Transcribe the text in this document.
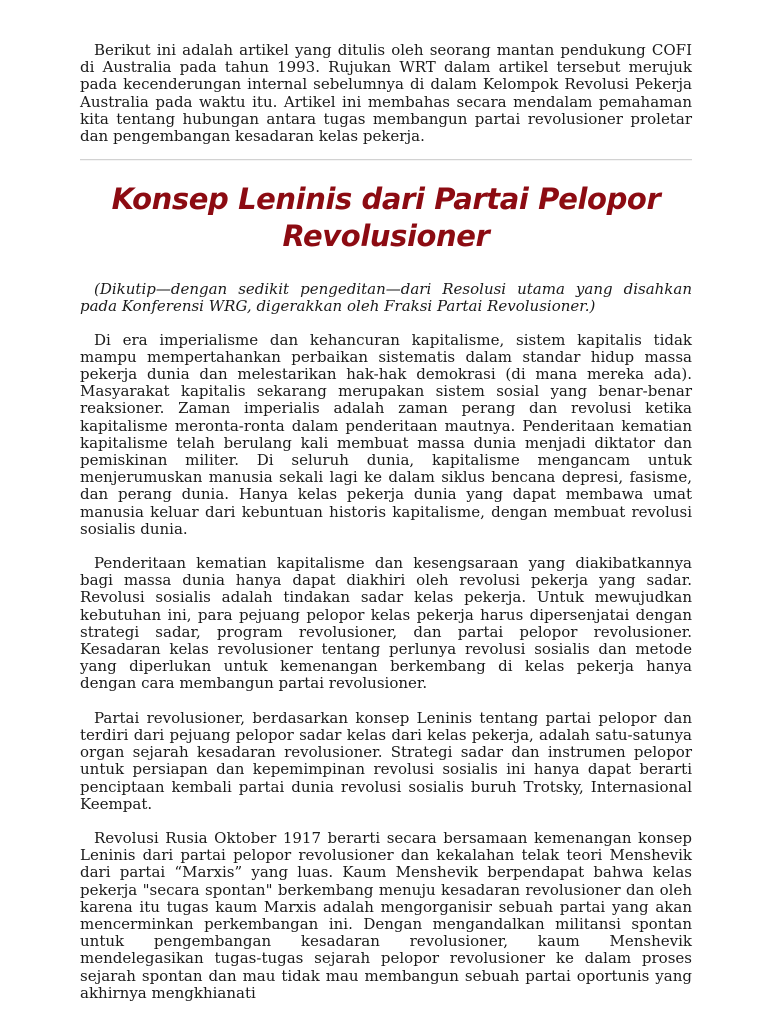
Berikut ini adalah artikel yang ditulis oleh seorang mantan pendukung COFI di Australia pada tahun 1993. Rujukan WRT dalam artikel tersebut merujuk pada kecenderungan internal sebelumnya di dalam Kelompok Revolusi Pekerja Australia pada waktu itu. Artikel ini membahas secara mendalam pemahaman kita tentang hubungan antara tugas membangun partai revolusioner proletar dan pengembangan kesadaran kelas pekerja.

Konsep Leninis dari Partai Pelopor
Revolusioner

(Dikutip—dengan sedikit pengeditan—dari Resolusi utama yang disahkan pada Konferensi WRG, digerakkan oleh Fraksi Partai Revolusioner.)

Di era imperialisme dan kehancuran kapitalisme, sistem kapitalis tidak mampu mempertahankan perbaikan sistematis dalam standar hidup massa pekerja dunia dan melestarikan hak-hak demokrasi (di mana mereka ada). Masyarakat kapitalis sekarang merupakan sistem sosial yang benar-benar reaksioner. Zaman imperialis adalah zaman perang dan revolusi ketika kapitalisme meronta-ronta dalam penderitaan mautnya. Penderitaan kematian kapitalisme telah berulang kali membuat massa dunia menjadi diktator dan pemiskinan militer. Di seluruh dunia, kapitalisme mengancam untuk menjerumuskan manusia sekali lagi ke dalam siklus bencana depresi, fasisme, dan perang dunia. Hanya kelas pekerja dunia yang dapat membawa umat manusia keluar dari kebuntuan historis kapitalisme, dengan membuat revolusi sosialis dunia.

Penderitaan kematian kapitalisme dan kesengsaraan yang diakibatkannya bagi massa dunia hanya dapat diakhiri oleh revolusi pekerja yang sadar. Revolusi sosialis adalah tindakan sadar kelas pekerja. Untuk mewujudkan kebutuhan ini, para pejuang pelopor kelas pekerja harus dipersenjatai dengan strategi sadar, program revolusioner, dan partai pelopor revolusioner. Kesadaran kelas revolusioner tentang perlunya revolusi sosialis dan metode yang diperlukan untuk kemenangan berkembang di kelas pekerja hanya dengan cara membangun partai revolusioner.

Partai revolusioner, berdasarkan konsep Leninis tentang partai pelopor dan terdiri dari pejuang pelopor sadar kelas dari kelas pekerja, adalah satu-satunya organ sejarah kesadaran revolusioner. Strategi sadar dan instrumen pelopor untuk persiapan dan kepemimpinan revolusi sosialis ini hanya dapat berarti penciptaan kembali partai dunia revolusi sosialis buruh Trotsky, Internasional Keempat.

Revolusi Rusia Oktober 1917 berarti secara bersamaan kemenangan konsep Leninis dari partai pelopor revolusioner dan kekalahan telak teori Menshevik dari partai “Marxis” yang luas. Kaum Menshevik berpendapat bahwa kelas pekerja "secara spontan" berkembang menuju kesadaran revolusioner dan oleh karena itu tugas kaum Marxis adalah mengorganisir sebuah partai yang akan mencerminkan perkembangan ini. Dengan mengandalkan militansi spontan untuk pengembangan kesadaran revolusioner, kaum Menshevik mendelegasikan tugas-tugas sejarah pelopor revolusioner ke dalam proses sejarah spontan dan mau tidak mau membangun sebuah partai oportunis yang akhirnya mengkhianati
